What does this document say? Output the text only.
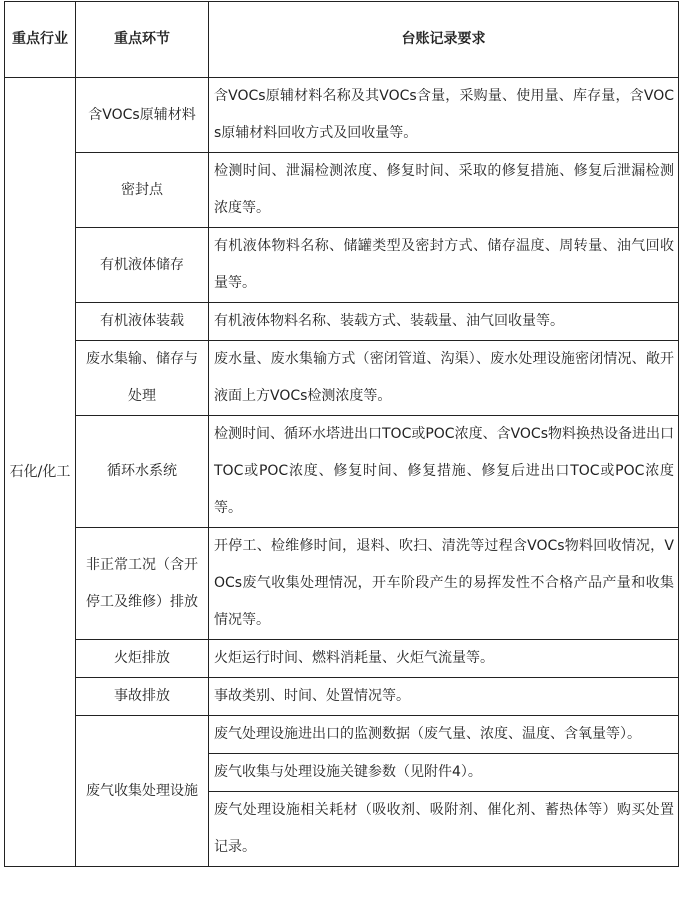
重点行业	重点环节	台账记录要求
石化/化工	含VOCs原辅材料	含VOCs原辅材料名称及其VOCs含量，采购量、使用量、库存量，含VOCs原辅材料回收方式及回收量等。
	密封点	检测时间、泄漏检测浓度、修复时间、采取的修复措施、修复后泄漏检测浓度等。
	有机液体储存	有机液体物料名称、储罐类型及密封方式、储存温度、周转量、油气回收量等。
	有机液体装载	有机液体物料名称、装载方式、装载量、油气回收量等。
	废水集输、储存与处理	废水量、废水集输方式（密闭管道、沟渠）、废水处理设施密闭情况、敞开液面上方VOCs检测浓度等。
	循环水系统	检测时间、循环水塔进出口TOC或POC浓度、含VOCs物料换热设备进出口TOC或POC浓度、修复时间、修复措施、修复后进出口TOC或POC浓度等。
	非正常工况（含开停工及维修）排放	开停工、检维修时间，退料、吹扫、清洗等过程含VOCs物料回收情况，VOCs废气收集处理情况，开车阶段产生的易挥发性不合格产品产量和收集情况等。
	火炬排放	火炬运行时间、燃料消耗量、火炬气流量等。
	事故排放	事故类别、时间、处置情况等。
	废气收集处理设施	废气处理设施进出口的监测数据（废气量、浓度、温度、含氧量等）。
		废气收集与处理设施关键参数（见附件4）。
		废气处理设施相关耗材（吸收剂、吸附剂、催化剂、蓄热体等）购买处置记录。
